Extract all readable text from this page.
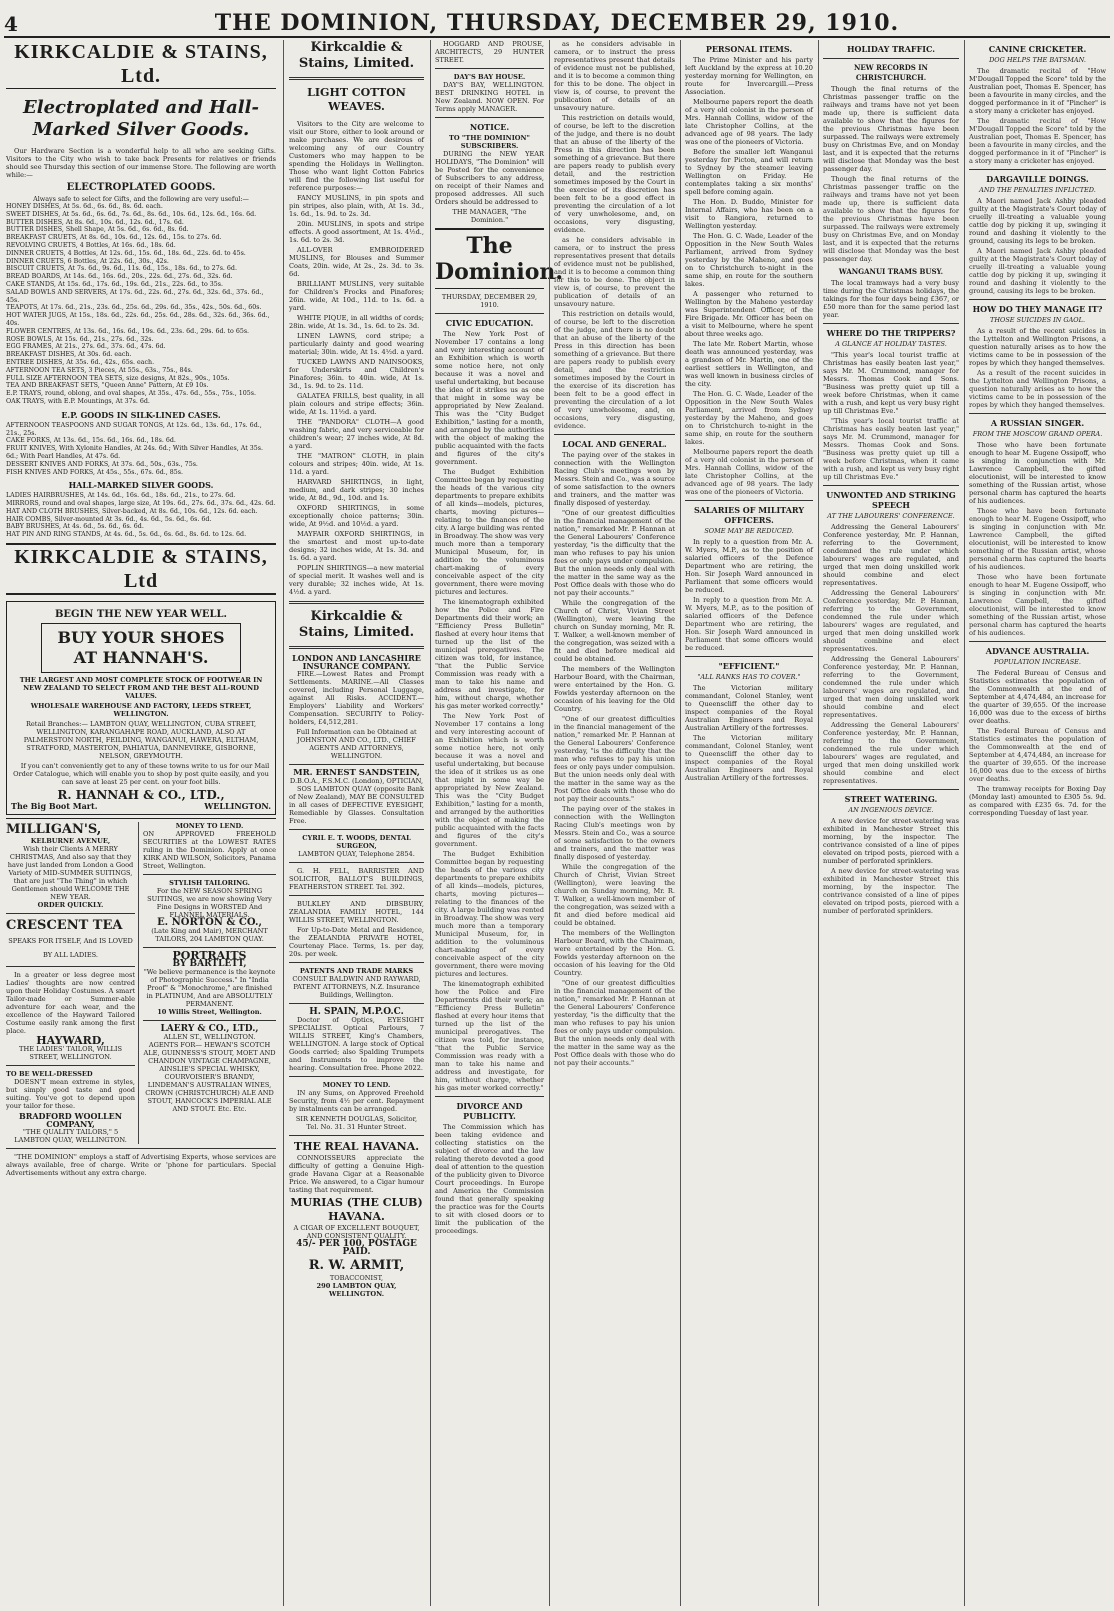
4	THE DOMINION, THURSDAY, DECEMBER 29, 1910.
KIRKCALDIE & STAINS, Ltd.
Electroplated and Hall-Marked Silver Goods.

Our Hardware Section is a wonderful help to all who are seeking Gifts. Visitors to the City who wish to take back Presents for relatives or friends should see Thursday this section of our immense Store. The following are worth while:—

ELECTROPLATED GOODS.
Always safe to select for Gifts, and the following are very useful:—
HONEY DISHES, At 5s. 6d., 6s. 6d., 8s. 6d. each.
SWEET DISHES, At 5s. 6d., 6s. 6d., 7s. 6d., 8s. 6d., 10s. 6d., 12s. 6d., 16s. 6d.
BUTTER DISHES, At 8s. 6d., 10s. 6d., 12s. 6d., 17s. 6d.
BUTTER DISHES, Shell Shape, At 5s. 6d., 6s. 6d., 8s. 6d.
BREAKFAST CRUETS, At 8s. 6d., 10s. 6d., 12s. 6d., 15s. to 27s. 6d.
REVOLVING CRUETS, 4 Bottles, At 16s. 6d., 18s. 6d.
DINNER CRUETS, 4 Bottles, At 12s. 6d., 15s. 6d., 18s. 6d., 22s. 6d. to 45s.
DINNER CRUETS, 6 Bottles, At 22s. 6d., 30s., 42s.
BISCUIT CRUETS, At 7s. 6d., 9s. 6d., 11s. 6d., 15s., 18s. 6d., to 27s. 6d.
BREAD BOARDS, At 14s. 6d., 16s. 6d., 20s., 22s. 6d., 27s. 6d., 32s. 6d.
CAKE STANDS, At 15s. 6d., 17s. 6d., 19s. 6d., 21s., 22s. 6d., to 35s.
SALAD BOWLS AND SERVERS, At 17s. 6d., 22s. 6d., 27s. 6d., 32s. 6d., 37s. 6d., 45s.
TEAPOTS, At 17s. 6d., 21s., 23s. 6d., 25s. 6d., 29s. 6d., 35s., 42s., 50s. 6d., 60s.
HOT WATER JUGS, At 15s., 18s. 6d., 22s. 6d., 25s. 6d., 28s. 6d., 32s. 6d., 36s. 6d., 40s.
FLOWER CENTRES, At 13s. 6d., 16s. 6d., 19s. 6d., 23s. 6d., 29s. 6d. to 65s.
ROSE BOWLS, At 15s. 6d., 21s., 27s. 6d., 32s.
EGG FRAMES, At 21s., 27s. 6d., 37s. 6d., 47s. 6d.
BREAKFAST DISHES, At 30s. 6d. each.
ENTREE DISHES, At 35s. 6d., 42s., 65s. each.
AFTERNOON TEA SETS, 3 Pieces, At 55s., 63s., 75s., 84s.
FULL SIZE AFTERNOON TEA SETS, size designs, At 82s., 90s., 105s.
TEA AND BREAKFAST SETS, "Queen Anne" Pattern, At £9 10s.
E.P. TRAYS, round, oblong, and oval shapes, At 35s., 47s. 6d., 55s., 75s., 105s.
OAK TRAYS, with E.P. Mountings, At 37s. 6d.
E.P. GOODS IN SILK-LINED CASES.
AFTERNOON TEASPOONS AND SUGAR TONGS, At 12s. 6d., 13s. 6d., 17s. 6d., 21s., 25s.
CAKE FORKS, At 13s. 6d., 15s. 6d., 16s. 6d., 18s. 6d.
FRUIT KNIVES, With Xylonite Handles, At 24s. 6d.; With Silver Handles, At 35s. 6d.; With Pearl Handles, At 47s. 6d.
DESSERT KNIVES AND FORKS, At 37s. 6d., 50s., 63s., 75s.
FISH KNIVES AND FORKS, At 45s., 55s., 67s. 6d., 85s.
HALL-MARKED SILVER GOODS.
LADIES HAIRBRUSHES, At 14s. 6d., 16s. 6d., 18s. 6d., 21s., to 27s. 6d.
MIRRORS, round and oval shapes, large size, At 19s. 6d., 27s. 6d., 37s. 6d., 42s. 6d.
HAT AND CLOTH BRUSHES, Silver-backed, At 8s. 6d., 10s. 6d., 12s. 6d. each.
HAIR COMBS, Silver-mounted At 3s. 6d., 4s. 6d., 5s. 6d., 6s. 6d.
BABY BRUSHES, At 4s. 6d., 5s. 6d., 6s. 6d.
HAT PIN AND RING STANDS, At 4s. 6d., 5s. 6d., 6s. 6d., 8s. 6d. to 12s. 6d.
KIRKCALDIE & STAINS, Ltd
BEGIN THE NEW YEAR WELL.
BUY YOUR SHOES AT HANNAH'S.
THE LARGEST AND MOST COMPLETE STOCK OF FOOTWEAR IN NEW ZEALAND TO SELECT FROM AND THE BEST ALL-ROUND VALUES.
WHOLESALE WAREHOUSE AND FACTORY, LEEDS STREET, WELLINGTON.
Retail Branches:— LAMBTON QUAY, WELLINGTON, CUBA STREET, WELLINGTON, KARANGAHAPE ROAD, AUCKLAND, ALSO AT PALMERSTON NORTH, FEILDING, WANGANUI, HAWERA, ELTHAM, STRATFORD, MASTERTON, PAHIATUA, DANNEVIRKE, GISBORNE, NELSON, GREYMOUTH.

If you can't conveniently get to any of these towns write to us for our Mail Order Catalogue, which will enable you to shop by post quite easily, and you can save at least 25 per cent. on your foot bills.

R. HANNAH & CO., LTD.,
The Big Boot Mart.	WELLINGTON.
MILLIGAN'S,
KELBURNE AVENUE,
Wish their Clients A MERRY CHRISTMAS, And also say that they have just landed from London a Good Variety of MID-SUMMER SUITINGS, that are just "The Thing" in which Gentlemen should WELCOME THE NEW YEAR.
ORDER QUICKLY.
CRESCENT TEA
SPEAKS FOR ITSELF, And IS LOVED BY ALL LADIES.

In a greater or less degree most Ladies' thoughts are now centred upon their Holiday Costumes. A smart Tailor-made or Summer-able adventure for each wear, and the excellence of the Hayward Tailored Costume easily rank among the first place.

HAYWARD,
THE LADIES' TAILOR, WILLIS STREET, WELLINGTON.
TO BE WELL-DRESSED

DOESN'T mean extreme in styles, but simply good taste and good suiting. You've got to depend upon your tailor for these.

BRADFORD WOOLLEN COMPANY,
"THE QUALITY TAILORS," 5 LAMBTON QUAY, WELLINGTON.
MONEY TO LEND.
ON APPROVED FREEHOLD SECURITIES at the LOWEST RATES ruling in the Dominion. Apply at once KIRK AND WILSON, Solicitors, Panama Street, Wellington.
STYLISH TAILORING.
For the NEW SEASON SPRING SUITINGS, we are now showing Very Fine Designs in WORSTED And FLANNEL MATERIALS.
E. NORTON & CO.,
(Late King and Mair), MERCHANT TAILORS, 204 LAMBTON QUAY.
PORTRAITS
BY BARTLETT,
"We believe permanence is the keynote of Photographic Success." In "India Proof" & "Monochrome," are finished in PLATINUM, And are ABSOLUTELY PERMANENT.
10 Willis Street, Wellington.
LAERY & CO., LTD.,
ALLEN ST., WELLINGTON.
AGENTS FOR— HEWAN'S SCOTCH ALE, GUINNESS'S STOUT, MOET AND CHANDON VINTAGE CHAMPAGNE, AINSLIE'S SPECIAL WHISKY, COURVOISIER'S BRANDY, LINDEMAN'S AUSTRALIAN WINES, CROWN (CHRISTCHURCH) ALE AND STOUT, HANCOCK'S IMPERIAL ALE AND STOUT. Etc. Etc.

"THE DOMINION" employs a staff of Advertising Experts, whose services are always available, free of charge. Write or 'phone for particulars. Special Advertisements without any extra charge.

Kirkcaldie & Stains, Limited.
LIGHT COTTON WEAVES.

Visitors to the City are welcome to visit our Store, either to look around or make purchases. We are desirous of welcoming any of our Country Customers who may happen to be spending the Holidays in Wellington. Those who want light Cotton Fabrics will find the following list useful for reference purposes:—

FANCY MUSLINS, in pin spots and pin stripes, also plain, with, At 1s. 3d., 1s. 6d., 1s. 9d. to 2s. 3d.

20in. MUSLINS, in spots and stripe effects. A good assortment, At 1s. 4½d., 1s. 6d. to 2s. 3d.

ALL-OVER EMBROIDERED MUSLINS, for Blouses and Summer Coats, 20in. wide, At 2s., 2s. 3d. to 3s. 6d.

BRILLIANT MUSLINS, very suitable for Children's Frocks and Pinafores; 26in. wide, At 10d., 11d. to 1s. 6d. a yard.

WHITE PIQUE, in all widths of cords; 28in. wide, At 1s. 3d., 1s. 6d. to 2s. 3d.

LINEN LAWNS, cord stripe; a particularly dainty and good wearing material; 30in. wide, At 1s. 4½d. a yard.

TUCKED LAWNS AND NAINSOOKS, for Underskirts and Children's Pinafores; 36in. to 40in. wide, At 1s. 3d., 1s. 9d. to 2s. 11d.

GALATEA FRILLS, best quality, in all plain colours and stripe effects; 36in. wide, At 1s. 11½d. a yard.

THE "PANDORA" CLOTH—A good washing fabric, and very serviceable for children's wear; 27 inches wide, At 8d. a yard.

THE "MATRON" CLOTH, in plain colours and stripes; 40in. wide, At 1s. 11d. a yard.

HARVARD SHIRTINGS, in light, medium, and dark stripes; 30 inches wide, At 8d., 9d., 10d. and 1s.

OXFORD SHIRTINGS, in some exceptionally choice patterns; 30in. wide, At 9½d. and 10½d. a yard.

MAYFAIR OXFORD SHIRTINGS, in the smartest and most up-to-date designs; 32 inches wide, At 1s. 3d. and 1s. 6d. a yard.

POPLIN SHIRTINGS—a new material of special merit. It washes well and is very durable; 32 inches wide, At 1s. 4½d. a yard.

Kirkcaldie & Stains, Limited.
LONDON AND LANCASHIRE INSURANCE COMPANY.

FIRE.—Lowest Rates and Prompt Settlements. MARINE.—All Classes covered, including Personal Luggage, against All Risks. ACCIDENT.—Employers' Liability and Workers' Compensation. SECURITY to Policy-holders, £4,512,281.

Full Information can be Obtained at JOHNSTON AND CO., LTD., CHIEF AGENTS AND ATTORNEYS, WELLINGTON.
MR. ERNEST SANDSTEIN,
D.B.O.A., F.S.M.C. (London), OPTICIAN,

SOS LAMBTON QUAY (opposite Bank of New Zealand), MAY BE CONSULTED in all cases of DEFECTIVE EYESIGHT, Remediable by Glasses. Consultation Free.

CYRIL E. T. WOODS, DENTAL SURGEON,
LAMBTON QUAY, Telephone 2854.

G. H. FELL, BARRISTER AND SOLICITOR, BALLOT'S BUILDINGS, FEATHERSTON STREET. Tel. 392.

BULKLEY AND DIBSBURY, ZEALANDIA FAMILY HOTEL, 144 WILLIS STREET, WELLINGTON.

For Up-to-Date Metal and Residence, the ZEALANDIA PRIVATE HOTEL, Courtenay Place. Terms, 1s. per day, 20s. per week.

PATENTS AND TRADE MARKS
CONSULT BALDWIN AND RAYWARD, PATENT ATTORNEYS, N.Z. Insurance Buildings, Wellington.
H. SPAIN, M.P.O.C.

Doctor of Optics, EYESIGHT SPECIALIST. Optical Parlours, 7 WILLIS STREET, King's Chambers, WELLINGTON. A large stock of Optical Goods carried; also Spalding Trumpets and Instruments to improve the hearing. Consultation free. Phone 2022.

MONEY TO LEND.

IN any Sums, on Approved Freehold Security, from 4½ per cent. Repayment by instalments can be arranged.

SIR KENNETH DOUGLAS, Solicitor, Tel. No. 31. 31 Hunter Street.
THE REAL HAVANA.

CONNOISSEURS appreciate the difficulty of getting a Genuine High-grade Havana Cigar at a Reasonable Price. We answered, to a Cigar humour tasting that requirement.

MURIAS (THE CLUB) HAVANA.
A CIGAR OF EXCELLENT BOUQUET, AND CONSISTENT QUALITY.
45/- PER 100, POSTAGE PAID.
R. W. ARMIT,
TOBACCONIST,
290 LAMBTON QUAY, WELLINGTON.

HOGGARD AND PROUSE, ARCHITECTS, 29 HUNTER STREET.

DAY'S BAY HOUSE.

DAY'S BAY, WELLINGTON. BEST DRINKING HOTEL in New Zealand. NOW OPEN. For Terms apply MANAGER.

NOTICE.
TO "THE DOMINION" SUBSCRIBERS.

DURING the NEW YEAR HOLIDAYS, "The Dominion" will be Posted for the convenience of Subscribers to any address, on receipt of their Names and proposed addresses. All such Orders should be addressed to

THE MANAGER, "The Dominion."
The Dominion.
THURSDAY, DECEMBER 29, 1910.
CIVIC EDUCATION.

The New York Post of November 17 contains a long and very interesting account of an Exhibition which is worth some notice here, not only because it was a novel and useful undertaking, but because the idea of it strikes us as one that might in some way be appropriated by New Zealand. This was the "City Budget Exhibition," lasting for a month, and arranged by the authorities with the object of making the public acquainted with the facts and figures of the city's government.

The Budget Exhibition Committee began by requesting the heads of the various city departments to prepare exhibits of all kinds—models, pictures, charts, moving pictures—relating to the finances of the city. A large building was rented in Broadway. The show was very much more than a temporary Municipal Museum, for, in addition to the voluminous chart-making of every conceivable aspect of the city government, there were moving pictures and lectures.

The kinematograph exhibited how the Police and Fire Departments did their work; an "Efficiency Press Bulletin" flashed at every hour items that turned up the list of the municipal prerogatives. The citizen was told, for instance, "that the Public Service Commission was ready with a man to take his name and address and investigate, for him, without charge, whether his gas meter worked correctly."

The New York Post of November 17 contains a long and very interesting account of an Exhibition which is worth some notice here, not only because it was a novel and useful undertaking, but because the idea of it strikes us as one that might in some way be appropriated by New Zealand. This was the "City Budget Exhibition," lasting for a month, and arranged by the authorities with the object of making the public acquainted with the facts and figures of the city's government.

The Budget Exhibition Committee began by requesting the heads of the various city departments to prepare exhibits of all kinds—models, pictures, charts, moving pictures—relating to the finances of the city. A large building was rented in Broadway. The show was very much more than a temporary Municipal Museum, for, in addition to the voluminous chart-making of every conceivable aspect of the city government, there were moving pictures and lectures.

The kinematograph exhibited how the Police and Fire Departments did their work; an "Efficiency Press Bulletin" flashed at every hour items that turned up the list of the municipal prerogatives. The citizen was told, for instance, "that the Public Service Commission was ready with a man to take his name and address and investigate, for him, without charge, whether his gas meter worked correctly."

DIVORCE AND PUBLICITY.

The Commission which has been taking evidence and collecting statistics on the subject of divorce and the law relating thereto devoted a good deal of attention to the question of the publicity given to Divorce Court proceedings. In Europe and America the Commission found that generally speaking the practice was for the Courts to sit with closed doors or to limit the publication of the proceedings.

as he considers advisable in camera, or to instruct the press representatives present that details of evidence must not be published, and it is to become a common thing for this to be done. The object in view is, of course, to prevent the publication of details of an unsavoury nature.

This restriction on details would, of course, be left to the discretion of the judge, and there is no doubt that an abuse of the liberty of the Press in this direction has been something of a grievance. But there are papers ready to publish every detail, and the restriction sometimes imposed by the Court in the exercise of its discretion has been felt to be a good effect in preventing the circulation of a lot of very unwholesome, and, on occasions, very disgusting, evidence.

as he considers advisable in camera, or to instruct the press representatives present that details of evidence must not be published, and it is to become a common thing for this to be done. The object in view is, of course, to prevent the publication of details of an unsavoury nature.

This restriction on details would, of course, be left to the discretion of the judge, and there is no doubt that an abuse of the liberty of the Press in this direction has been something of a grievance. But there are papers ready to publish every detail, and the restriction sometimes imposed by the Court in the exercise of its discretion has been felt to be a good effect in preventing the circulation of a lot of very unwholesome, and, on occasions, very disgusting, evidence.

LOCAL AND GENERAL.

The paying over of the stakes in connection with the Wellington Racing Club's meetings won by Messrs. Stein and Co., was a source of some satisfaction to the owners and trainers, and the matter was finally disposed of yesterday.

"One of our greatest difficulties in the financial management of the nation," remarked Mr. P. Hannan at the General Labourers' Conference yesterday, "is the difficulty that the man who refuses to pay his union fees or only pays under compulsion. But the union needs only deal with the matter in the same way as the Post Office deals with those who do not pay their accounts."

While the congregation of the Church of Christ, Vivian Street (Wellington), were leaving the church on Sunday morning, Mr. R. T. Walker, a well-known member of the congregation, was seized with a fit and died before medical aid could be obtained.

The members of the Wellington Harbour Board, with the Chairman, were entertained by the Hon. G. Fowlds yesterday afternoon on the occasion of his leaving for the Old Country.

"One of our greatest difficulties in the financial management of the nation," remarked Mr. P. Hannan at the General Labourers' Conference yesterday, "is the difficulty that the man who refuses to pay his union fees or only pays under compulsion. But the union needs only deal with the matter in the same way as the Post Office deals with those who do not pay their accounts."

The paying over of the stakes in connection with the Wellington Racing Club's meetings won by Messrs. Stein and Co., was a source of some satisfaction to the owners and trainers, and the matter was finally disposed of yesterday.

While the congregation of the Church of Christ, Vivian Street (Wellington), were leaving the church on Sunday morning, Mr. R. T. Walker, a well-known member of the congregation, was seized with a fit and died before medical aid could be obtained.

The members of the Wellington Harbour Board, with the Chairman, were entertained by the Hon. G. Fowlds yesterday afternoon on the occasion of his leaving for the Old Country.

"One of our greatest difficulties in the financial management of the nation," remarked Mr. P. Hannan at the General Labourers' Conference yesterday, "is the difficulty that the man who refuses to pay his union fees or only pays under compulsion. But the union needs only deal with the matter in the same way as the Post Office deals with those who do not pay their accounts."

PERSONAL ITEMS.

The Prime Minister and his party left Auckland by the express at 10.20 yesterday morning for Wellington, en route for Invercargill.—Press Association.

Melbourne papers report the death of a very old colonist in the person of Mrs. Hannah Collins, widow of the late Christopher Collins, at the advanced age of 98 years. The lady was one of the pioneers of Victoria.

Before the smaller left Wanganui yesterday for Picton, and will return to Sydney by the steamer leaving Wellington on Friday. He contemplates taking a six months' spell before coming again.

The Hon. D. Buddo, Minister for Internal Affairs, who has been on a visit to Rangiora, returned to Wellington yesterday.

The Hon. G. C. Wade, Leader of the Opposition in the New South Wales Parliament, arrived from Sydney yesterday by the Maheno, and goes on to Christchurch to-night in the same ship, en route for the southern lakes.

A passenger who returned to Wellington by the Maheno yesterday was Superintendent Officer, of the Fire Brigade. Mr. Officer has been on a visit to Melbourne, where he spent about three weeks ago.

The late Mr. Robert Martin, whose death was announced yesterday, was a grandson of Mr. Martin, one of the earliest settlers in Wellington, and was well known in business circles of the city.

The Hon. G. C. Wade, Leader of the Opposition in the New South Wales Parliament, arrived from Sydney yesterday by the Maheno, and goes on to Christchurch to-night in the same ship, en route for the southern lakes.

Melbourne papers report the death of a very old colonist in the person of Mrs. Hannah Collins, widow of the late Christopher Collins, at the advanced age of 98 years. The lady was one of the pioneers of Victoria.

SALARIES OF MILITARY OFFICERS.
SOME MAY BE REDUCED.

In reply to a question from Mr. A. W. Myers, M.P., as to the position of salaried officers of the Defence Department who are retiring, the Hon. Sir Joseph Ward announced in Parliament that some officers would be reduced.

In reply to a question from Mr. A. W. Myers, M.P., as to the position of salaried officers of the Defence Department who are retiring, the Hon. Sir Joseph Ward announced in Parliament that some officers would be reduced.

"EFFICIENT."
"ALL RANKS HAS TO COVER."

The Victorian military commandant, Colonel Stanley, went to Queenscliff the other day to inspect companies of the Royal Australian Engineers and Royal Australian Artillery of the fortresses.

The Victorian military commandant, Colonel Stanley, went to Queenscliff the other day to inspect companies of the Royal Australian Engineers and Royal Australian Artillery of the fortresses.

HOLIDAY TRAFFIC.
NEW RECORDS IN CHRISTCHURCH.

Though the final returns of the Christmas passenger traffic on the railways and trams have not yet been made up, there is sufficient data available to show that the figures for the previous Christmas have been surpassed. The railways were extremely busy on Christmas Eve, and on Monday last, and it is expected that the returns will disclose that Monday was the best passenger day.

Though the final returns of the Christmas passenger traffic on the railways and trams have not yet been made up, there is sufficient data available to show that the figures for the previous Christmas have been surpassed. The railways were extremely busy on Christmas Eve, and on Monday last, and it is expected that the returns will disclose that Monday was the best passenger day.

WANGANUI TRAMS BUSY.

The local tramways had a very busy time during the Christmas holidays, the takings for the four days being £367, or £50 more than for the same period last year.

WHERE DO THE TRIPPERS?
A GLANCE AT HOLIDAY TASTES.

"This year's local tourist traffic at Christmas has easily beaten last year," says Mr. M. Crummond, manager for Messrs. Thomas Cook and Sons. "Business was pretty quiet up till a week before Christmas, when it came with a rush, and kept us very busy right up till Christmas Eve."

"This year's local tourist traffic at Christmas has easily beaten last year," says Mr. M. Crummond, manager for Messrs. Thomas Cook and Sons. "Business was pretty quiet up till a week before Christmas, when it came with a rush, and kept us very busy right up till Christmas Eve."

UNWONTED AND STRIKING SPEECH
AT THE LABOURERS' CONFERENCE.

Addressing the General Labourers' Conference yesterday, Mr. P. Hannan, referring to the Government, condemned the rule under which labourers' wages are regulated, and urged that men doing unskilled work should combine and elect representatives.

Addressing the General Labourers' Conference yesterday, Mr. P. Hannan, referring to the Government, condemned the rule under which labourers' wages are regulated, and urged that men doing unskilled work should combine and elect representatives.

Addressing the General Labourers' Conference yesterday, Mr. P. Hannan, referring to the Government, condemned the rule under which labourers' wages are regulated, and urged that men doing unskilled work should combine and elect representatives.

Addressing the General Labourers' Conference yesterday, Mr. P. Hannan, referring to the Government, condemned the rule under which labourers' wages are regulated, and urged that men doing unskilled work should combine and elect representatives.

STREET WATERING.
AN INGENIOUS DEVICE.

A new device for street-watering was exhibited in Manchester Street this morning, by the inspector. The contrivance consisted of a line of pipes elevated on tripod posts, pierced with a number of perforated sprinklers.

A new device for street-watering was exhibited in Manchester Street this morning, by the inspector. The contrivance consisted of a line of pipes elevated on tripod posts, pierced with a number of perforated sprinklers.

CANINE CRICKETER.
DOG HELPS THE BATSMAN.

The dramatic recital of "How M'Dougall Topped the Score" told by the Australian poet, Thomas E. Spencer, has been a favourite in many circles, and the dogged performance in it of "Pincher" is a story many a cricketer has enjoyed.

The dramatic recital of "How M'Dougall Topped the Score" told by the Australian poet, Thomas E. Spencer, has been a favourite in many circles, and the dogged performance in it of "Pincher" is a story many a cricketer has enjoyed.

DARGAVILLE DOINGS.
AND THE PENALTIES INFLICTED.

A Maori named Jack Ashby pleaded guilty at the Magistrate's Court today of cruelly ill-treating a valuable young cattle dog by picking it up, swinging it round and dashing it violently to the ground, causing its legs to be broken.

A Maori named Jack Ashby pleaded guilty at the Magistrate's Court today of cruelly ill-treating a valuable young cattle dog by picking it up, swinging it round and dashing it violently to the ground, causing its legs to be broken.

HOW DO THEY MANAGE IT?
THOSE SUICIDES IN GAOL.

As a result of the recent suicides in the Lyttelton and Wellington Prisons, a question naturally arises as to how the victims came to be in possession of the ropes by which they hanged themselves.

As a result of the recent suicides in the Lyttelton and Wellington Prisons, a question naturally arises as to how the victims came to be in possession of the ropes by which they hanged themselves.

A RUSSIAN SINGER.
FROM THE MOSCOW GRAND OPERA.

Those who have been fortunate enough to hear M. Eugene Ossipoff, who is singing in conjunction with Mr. Lawrence Campbell, the gifted elocutionist, will be interested to know something of the Russian artist, whose personal charm has captured the hearts of his audiences.

Those who have been fortunate enough to hear M. Eugene Ossipoff, who is singing in conjunction with Mr. Lawrence Campbell, the gifted elocutionist, will be interested to know something of the Russian artist, whose personal charm has captured the hearts of his audiences.

Those who have been fortunate enough to hear M. Eugene Ossipoff, who is singing in conjunction with Mr. Lawrence Campbell, the gifted elocutionist, will be interested to know something of the Russian artist, whose personal charm has captured the hearts of his audiences.

ADVANCE AUSTRALIA.
POPULATION INCREASE.

The Federal Bureau of Census and Statistics estimates the population of the Commonwealth at the end of September at 4,474,484, an increase for the quarter of 39,655. Of the increase 16,000 was due to the excess of births over deaths.

The Federal Bureau of Census and Statistics estimates the population of the Commonwealth at the end of September at 4,474,484, an increase for the quarter of 39,655. Of the increase 16,000 was due to the excess of births over deaths.

The tramway receipts for Boxing Day (Monday last) amounted to £305 5s. 9d. as compared with £235 6s. 7d. for the corresponding Tuesday of last year.
